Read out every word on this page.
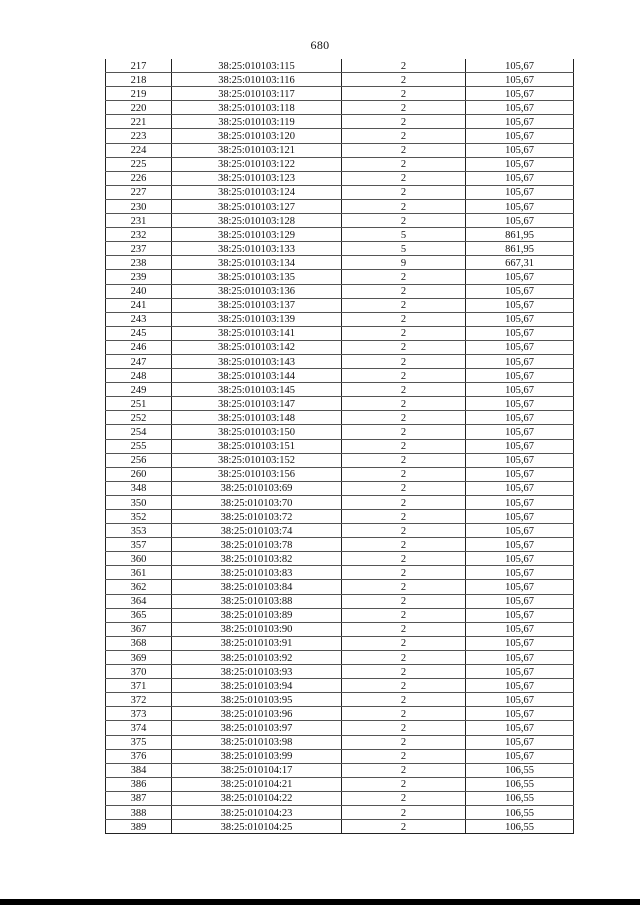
680
217	38:25:010103:115	2	105,67
218	38:25:010103:116	2	105,67
219	38:25:010103:117	2	105,67
220	38:25:010103:118	2	105,67
221	38:25:010103:119	2	105,67
223	38:25:010103:120	2	105,67
224	38:25:010103:121	2	105,67
225	38:25:010103:122	2	105,67
226	38:25:010103:123	2	105,67
227	38:25:010103:124	2	105,67
230	38:25:010103:127	2	105,67
231	38:25:010103:128	2	105,67
232	38:25:010103:129	5	861,95
237	38:25:010103:133	5	861,95
238	38:25:010103:134	9	667,31
239	38:25:010103:135	2	105,67
240	38:25:010103:136	2	105,67
241	38:25:010103:137	2	105,67
243	38:25:010103:139	2	105,67
245	38:25:010103:141	2	105,67
246	38:25:010103:142	2	105,67
247	38:25:010103:143	2	105,67
248	38:25:010103:144	2	105,67
249	38:25:010103:145	2	105,67
251	38:25:010103:147	2	105,67
252	38:25:010103:148	2	105,67
254	38:25:010103:150	2	105,67
255	38:25:010103:151	2	105,67
256	38:25:010103:152	2	105,67
260	38:25:010103:156	2	105,67
348	38:25:010103:69	2	105,67
350	38:25:010103:70	2	105,67
352	38:25:010103:72	2	105,67
353	38:25:010103:74	2	105,67
357	38:25:010103:78	2	105,67
360	38:25:010103:82	2	105,67
361	38:25:010103:83	2	105,67
362	38:25:010103:84	2	105,67
364	38:25:010103:88	2	105,67
365	38:25:010103:89	2	105,67
367	38:25:010103:90	2	105,67
368	38:25:010103:91	2	105,67
369	38:25:010103:92	2	105,67
370	38:25:010103:93	2	105,67
371	38:25:010103:94	2	105,67
372	38:25:010103:95	2	105,67
373	38:25:010103:96	2	105,67
374	38:25:010103:97	2	105,67
375	38:25:010103:98	2	105,67
376	38:25:010103:99	2	105,67
384	38:25:010104:17	2	106,55
386	38:25:010104:21	2	106,55
387	38:25:010104:22	2	106,55
388	38:25:010104:23	2	106,55
389	38:25:010104:25	2	106,55
